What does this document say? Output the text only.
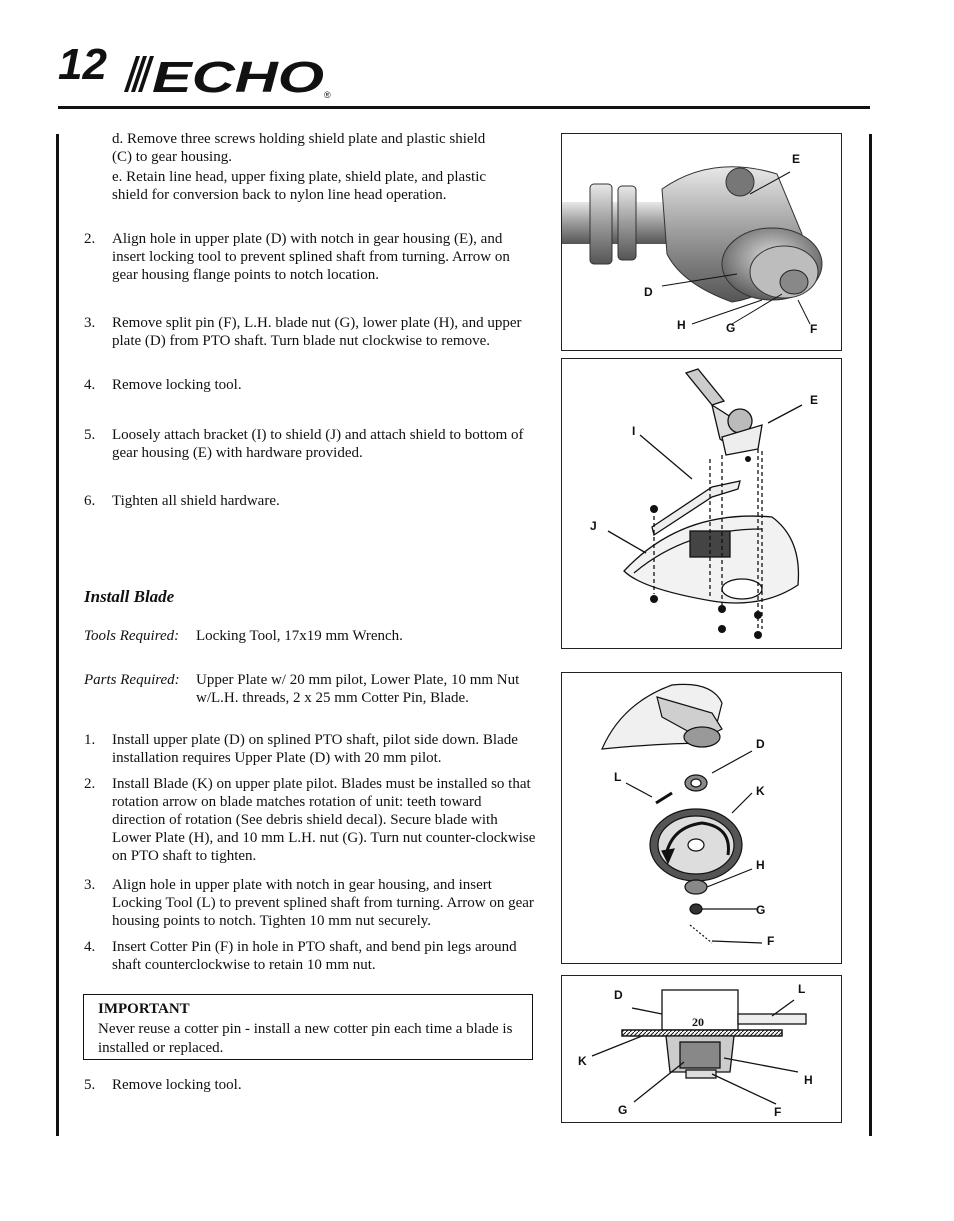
12 ECHO ®
d. Remove three screws holding shield plate and plastic shield (C) to gear housing.
e. Retain line head, upper fixing plate, shield plate, and plastic shield for conversion back to nylon line head operation.
2.	Align hole in upper plate (D) with notch in gear housing (E), and insert locking tool to prevent splined shaft from turning. Arrow on gear housing flange points to notch location.
3.	Remove split pin (F), L.H. blade nut (G), lower plate (H), and upper plate (D) from PTO shaft. Turn blade nut clockwise to remove.
4.	Remove locking tool.
5.	Loosely attach bracket (I) to shield (J) and attach shield to bottom of gear housing (E) with hardware provided.
6.	Tighten all shield hardware.
Install Blade
Tools Required: Locking Tool, 17x19 mm Wrench.
Parts Required: Upper Plate w/ 20 mm pilot, Lower Plate, 10 mm Nut w/L.H. threads, 2 x 25 mm Cotter Pin, Blade.
1.	Install upper plate (D) on splined PTO shaft, pilot side down. Blade installation requires Upper Plate (D) with 20 mm pilot.
2.	Install Blade (K) on upper plate pilot. Blades must be installed so that rotation arrow on blade matches rotation of unit: teeth toward direction of rotation (See debris shield decal). Secure blade with Lower Plate (H), and 10 mm L.H. nut (G). Turn nut counter-clockwise on PTO shaft to tighten.
3.	Align hole in upper plate with notch in gear housing, and insert Locking Tool (L) to prevent splined shaft from turning. Arrow on gear housing points to notch. Tighten 10 mm nut securely.
4.	Insert Cotter Pin (F) in hole in PTO shaft, and bend pin legs around shaft counterclockwise to retain 10 mm nut.
IMPORTANT
Never reuse a cotter pin - install a new cotter pin each time a blade is installed or replaced.
5.	Remove locking tool.
E
D
H	G	F
E
I
J
D
L
K
H
G
F
20
D	L
K
H
G	F
